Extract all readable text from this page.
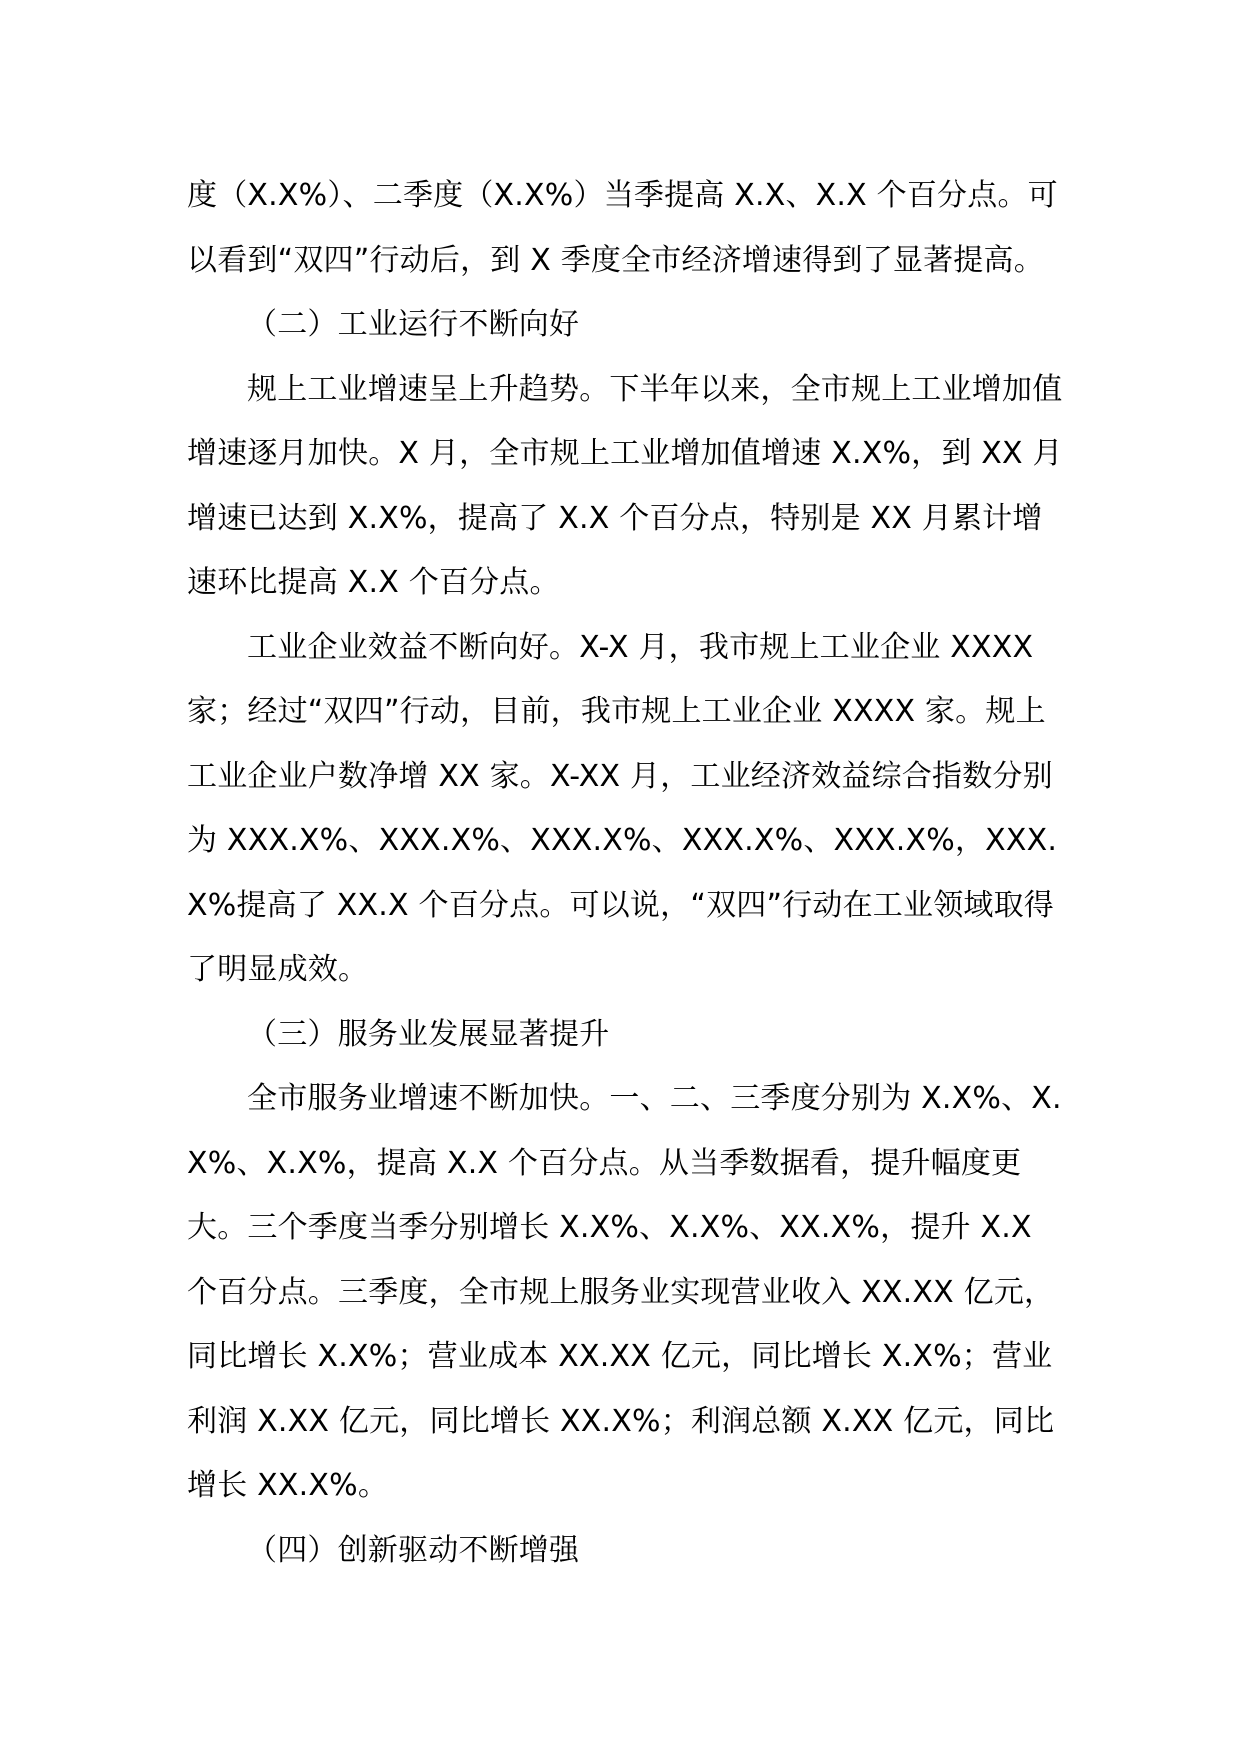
度（X.X%）、二季度（X.X%）当季提高 X.X、X.X 个百分点。可以看到“双四”行动后，到 X 季度全市经济增速得到了显著提高。

（二）工业运行不断向好

规上工业增速呈上升趋势。下半年以来，全市规上工业增加值增速逐月加快。X 月，全市规上工业增加值增速 X.X%，到 XX 月增速已达到 X.X%，提高了 X.X 个百分点，特别是 XX 月累计增速环比提高 X.X 个百分点。

工业企业效益不断向好。X-X 月，我市规上工业企业 XXXX 家；经过“双四”行动，目前，我市规上工业企业 XXXX 家。规上工业企业户数净增 XX 家。X-XX 月，工业经济效益综合指数分别为 XXX.X%、XXX.X%、XXX.X%、XXX.X%、XXX.X%，XXX.X%提高了 XX.X 个百分点。可以说，“双四”行动在工业领域取得了明显成效。

（三）服务业发展显著提升

全市服务业增速不断加快。一、二、三季度分别为 X.X%、X.X%、X.X%，提高 X.X 个百分点。从当季数据看，提升幅度更大。三个季度当季分别增长 X.X%、X.X%、XX.X%，提升 X.X 个百分点。三季度，全市规上服务业实现营业收入 XX.XX 亿元，同比增长 X.X%；营业成本 XX.XX 亿元，同比增长 X.X%；营业利润 X.XX 亿元，同比增长 XX.X%；利润总额 X.XX 亿元，同比增长 XX.X%。

（四）创新驱动不断增强
